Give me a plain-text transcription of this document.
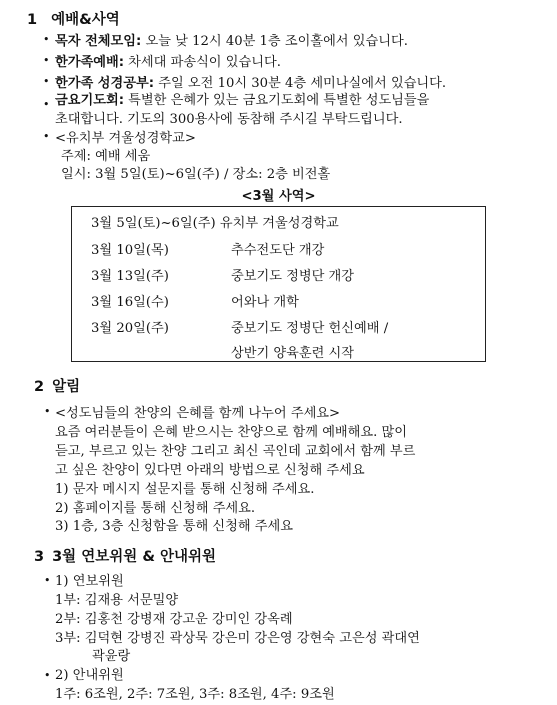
1 예배&사역
• 목자 전체모임: 오늘 낮 12시 40분 1층 조이홀에서 있습니다.
• 한가족예배: 차세대 파송식이 있습니다.
• 한가족 성경공부: 주일 오전 10시 30분 4층 세미나실에서 있습니다.
• 금요기도회: 특별한 은혜가 있는 금요기도회에 특별한 성도님들을
초대합니다. 기도의 300용사에 동참해 주시길 부탁드립니다.
• <유치부 겨울성경학교>
주제: 예배 세움
일시: 3월 5일(토)~6일(주) / 장소: 2층 비전홀
<3월 사역>
3월 5일(토)~6일(주) 유치부 겨울성경학교	
3월 10일(목)	추수전도단 개강
3월 13일(주)	중보기도 정병단 개강
3월 16일(수)	어와나 개학
3월 20일(주)	중보기도 정병단 헌신예배 /
	상반기 양육훈련 시작
2 알림
• <성도님들의 찬양의 은혜를 함께 나누어 주세요>
요즘 여러분들이 은혜 받으시는 찬양으로 함께 예배해요. 많이
듣고, 부르고 있는 찬양 그리고 최신 곡인데 교회에서 함께 부르
고 싶은 찬양이 있다면 아래의 방법으로 신청해 주세요
1) 문자 메시지 설문지를 통해 신청해 주세요.
2) 홈페이지를 통해 신청해 주세요.
3) 1층, 3층 신청함을 통해 신청해 주세요
3 3월 연보위원 & 안내위원
• 1) 연보위원
1부: 김재용 서문밀양
2부: 김홍천 강병재 강고운 강미인 강옥례
3부: 김덕현 강병진 곽상묵 강은미 강은영 강현숙 고은성 곽대연
곽윤랑
• 2) 안내위원
1주: 6조원, 2주: 7조원, 3주: 8조원, 4주: 9조원
